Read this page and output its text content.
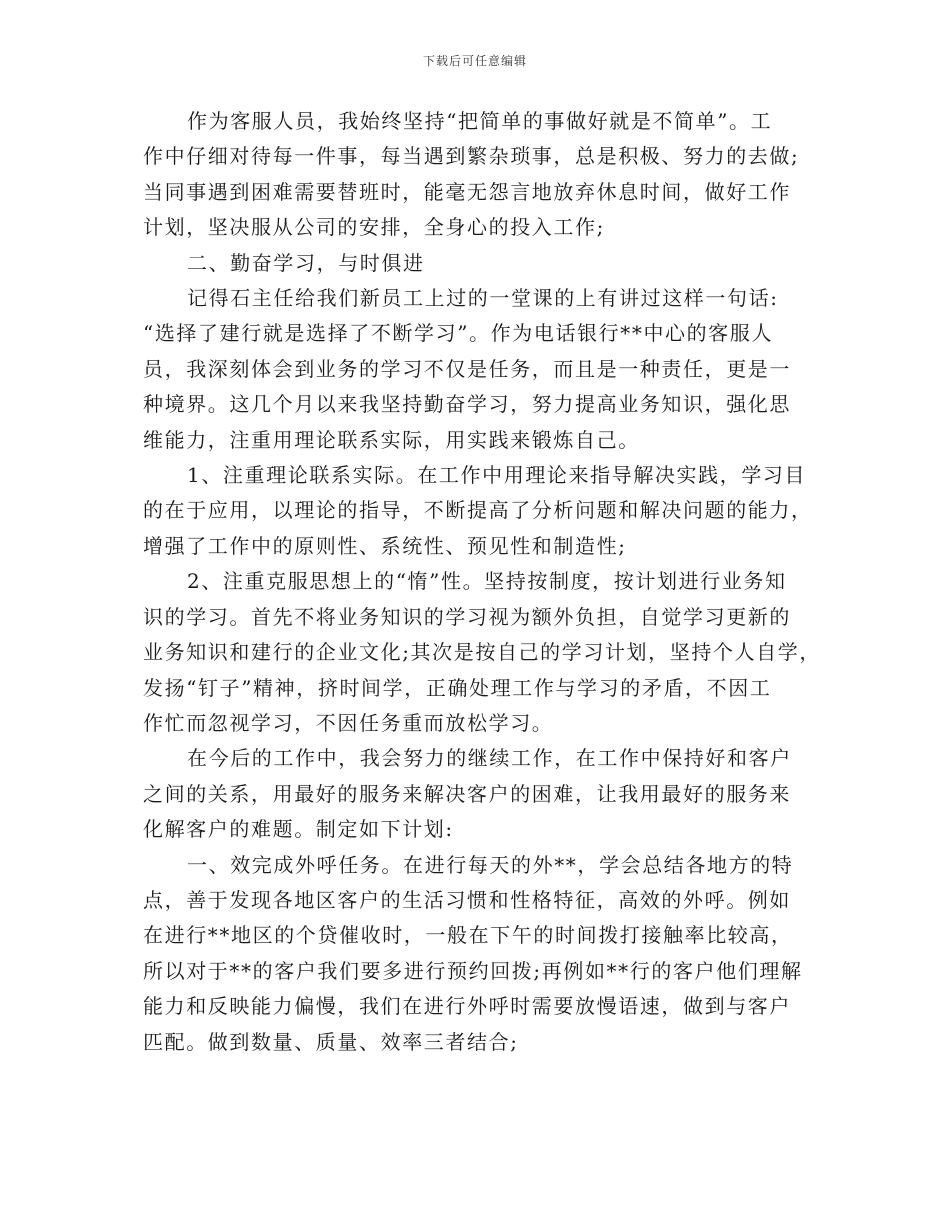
下载后可任意编辑

作为客服人员，我始终坚持“把简单的事做好就是不简单”。工
作中仔细对待每一件事，每当遇到繁杂琐事，总是积极、努力的去做;
当同事遇到困难需要替班时，能毫无怨言地放弃休息时间，做好工作
计划，坚决服从公司的安排，全身心的投入工作;

二、勤奋学习，与时俱进

记得石主任给我们新员工上过的一堂课的上有讲过这样一句话:
“选择了建行就是选择了不断学习”。作为电话银行**中心的客服人
员，我深刻体会到业务的学习不仅是任务，而且是一种责任，更是一
种境界。这几个月以来我坚持勤奋学习，努力提高业务知识，强化思
维能力，注重用理论联系实际，用实践来锻炼自己。

1、注重理论联系实际。在工作中用理论来指导解决实践，学习目
的在于应用，以理论的指导，不断提高了分析问题和解决问题的能力，
增强了工作中的原则性、系统性、预见性和制造性;

2、注重克服思想上的“惰”性。坚持按制度，按计划进行业务知
识的学习。首先不将业务知识的学习视为额外负担，自觉学习更新的
业务知识和建行的企业文化;其次是按自己的学习计划，坚持个人自学，
发扬“钉子”精神，挤时间学，正确处理工作与学习的矛盾，不因工
作忙而忽视学习，不因任务重而放松学习。

在今后的工作中，我会努力的继续工作，在工作中保持好和客户
之间的关系，用最好的服务来解决客户的困难，让我用最好的服务来
化解客户的难题。制定如下计划:

一、效完成外呼任务。在进行每天的外**，学会总结各地方的特
点，善于发现各地区客户的生活习惯和性格特征，高效的外呼。例如
在进行**地区的个贷催收时，一般在下午的时间拨打接触率比较高，
所以对于**的客户我们要多进行预约回拨;再例如**行的客户他们理解
能力和反映能力偏慢，我们在进行外呼时需要放慢语速，做到与客户
匹配。做到数量、质量、效率三者结合;
